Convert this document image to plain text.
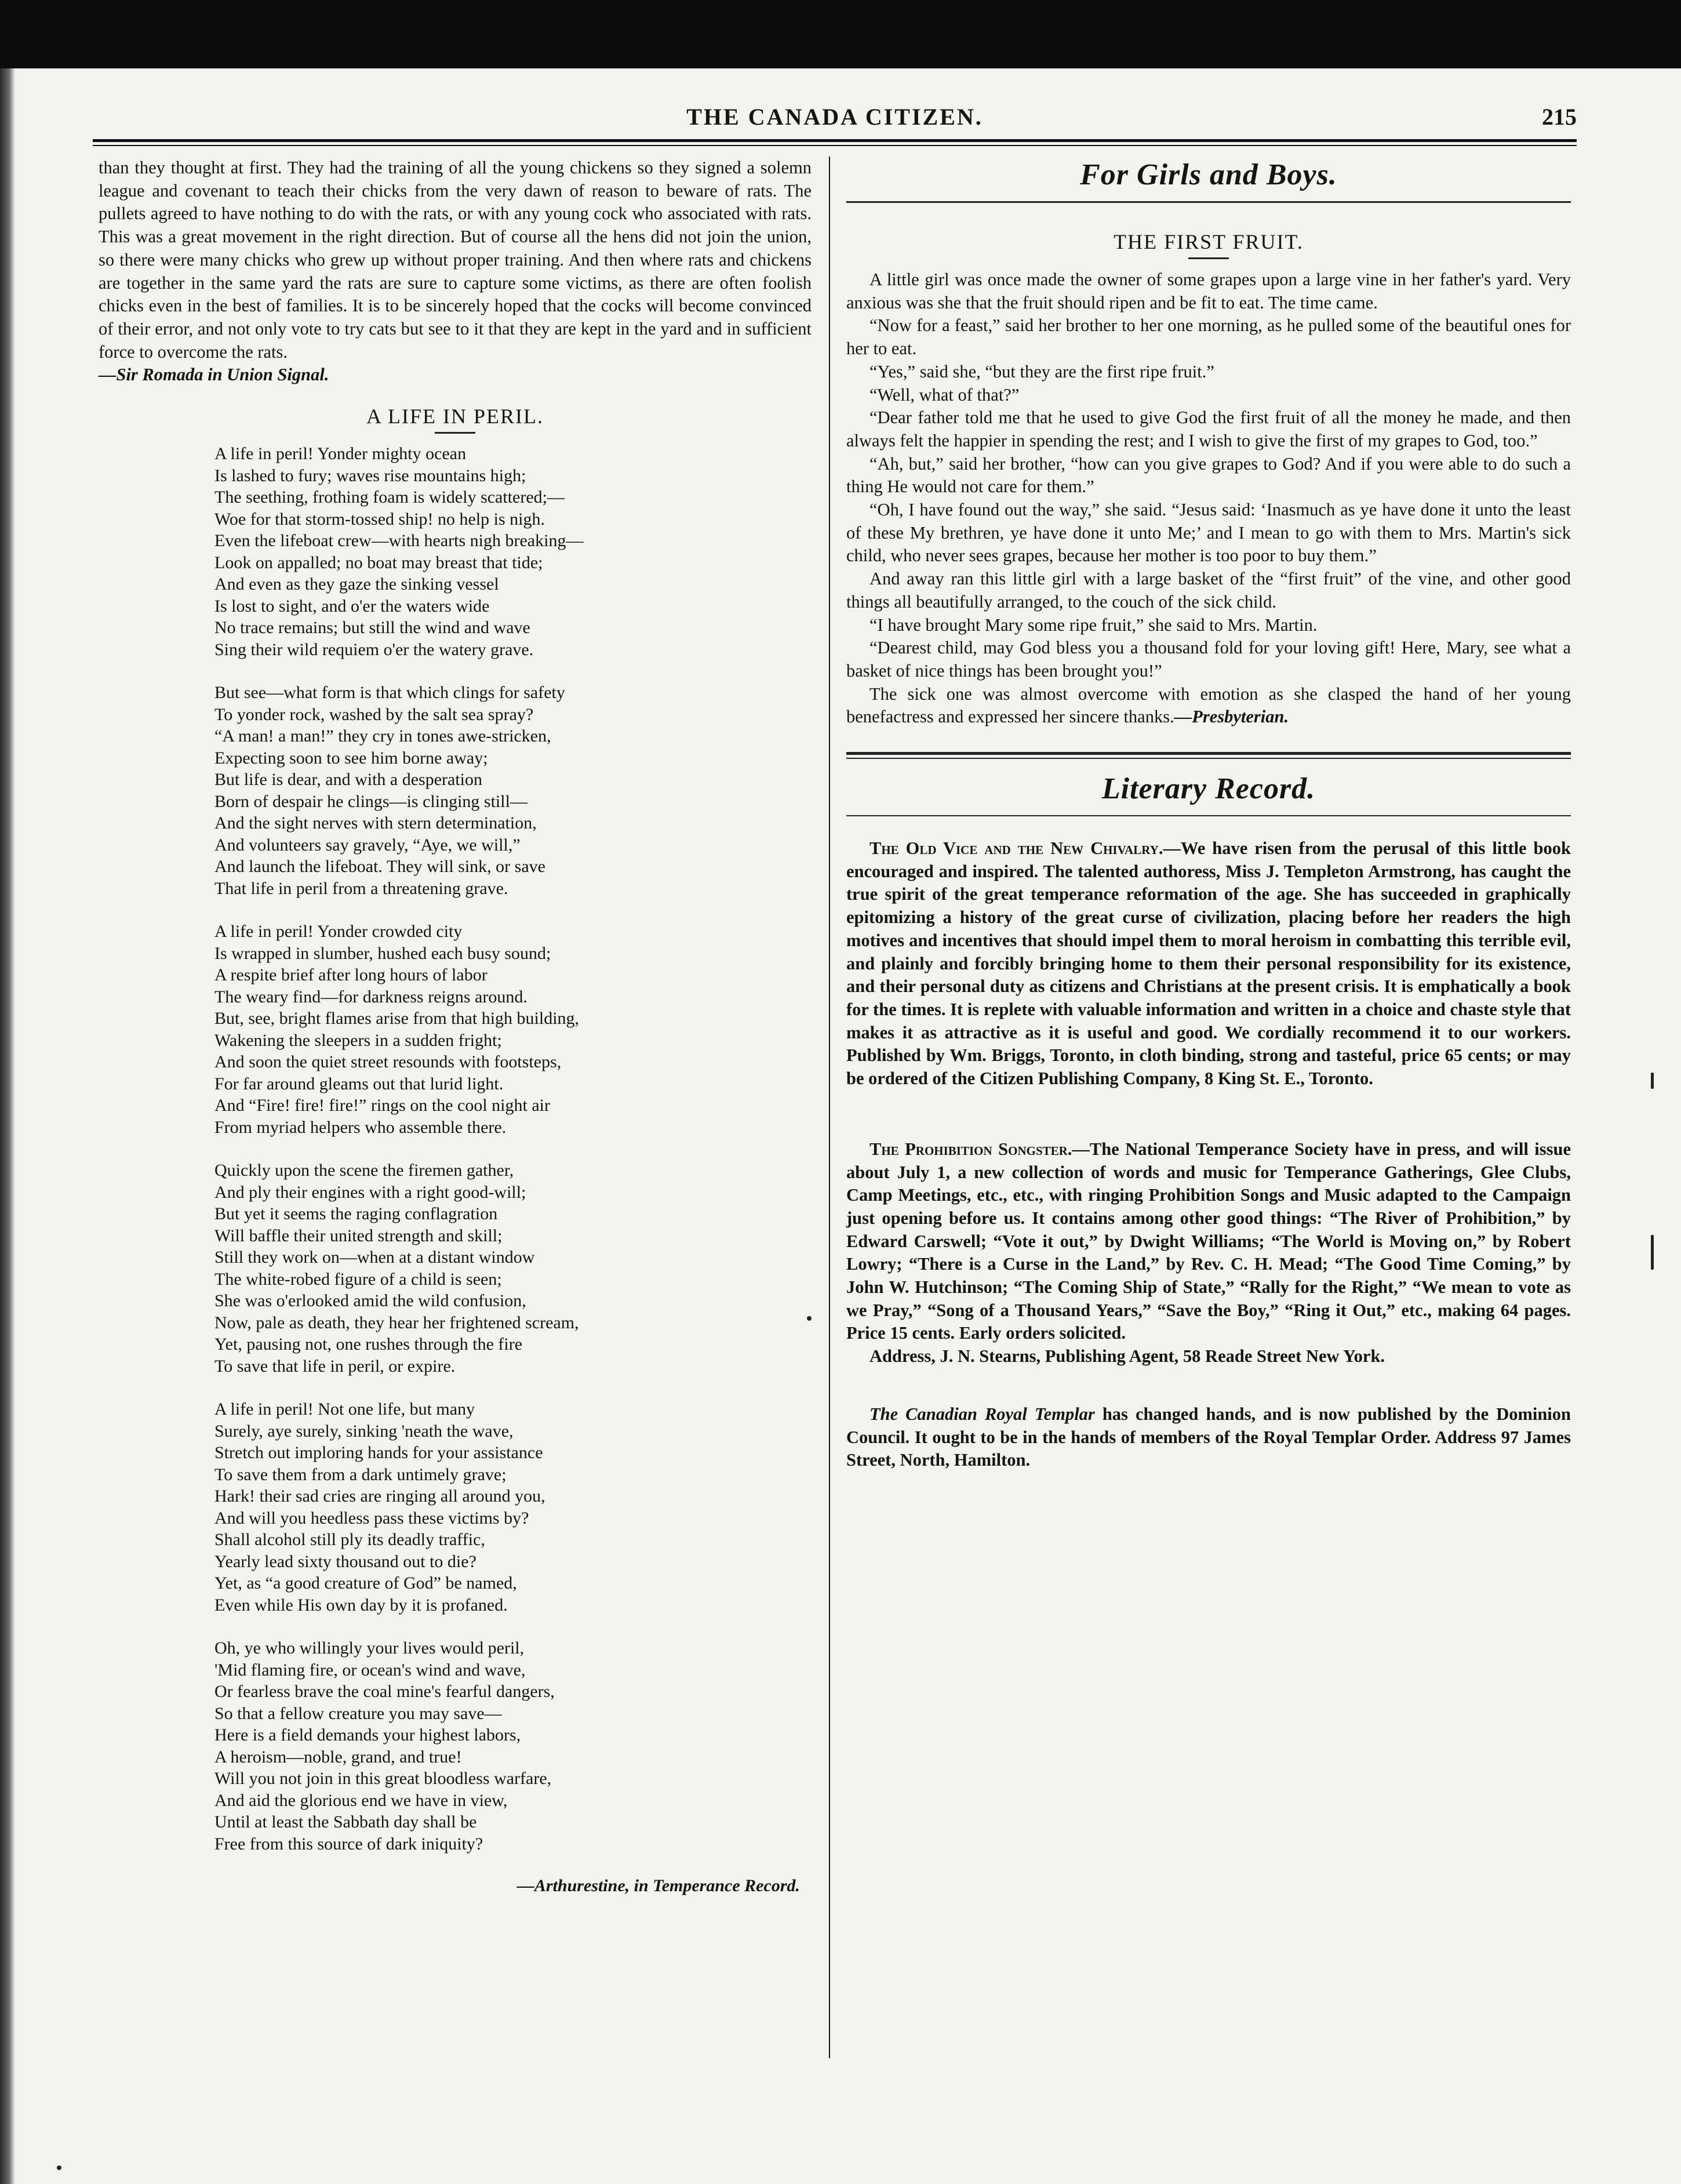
THE CANADA CITIZEN.	215

than they thought at first. They had the training of all the young chickens so they signed a solemn league and covenant to teach their chicks from the very dawn of reason to beware of rats. The pullets agreed to have nothing to do with the rats, or with any young cock who associated with rats. This was a great movement in the right direction. But of course all the hens did not join the union, so there were many chicks who grew up without proper training. And then where rats and chickens are together in the same yard the rats are sure to capture some victims, as there are often foolish chicks even in the best of families. It is to be sincerely hoped that the cocks will become convinced of their error, and not only vote to try cats but see to it that they are kept in the yard and in sufficient force to overcome the rats.

—Sir Romada in Union Signal.

A LIFE IN PERIL.
A life in peril! Yonder mighty ocean
Is lashed to fury; waves rise mountains high;
The seething, frothing foam is widely scattered;—
Woe for that storm-tossed ship! no help is nigh.
Even the lifeboat crew—with hearts nigh breaking—
Look on appalled; no boat may breast that tide;
And even as they gaze the sinking vessel
Is lost to sight, and o'er the waters wide
No trace remains; but still the wind and wave
Sing their wild requiem o'er the watery grave.
But see—what form is that which clings for safety
To yonder rock, washed by the salt sea spray?
“A man! a man!” they cry in tones awe-stricken,
Expecting soon to see him borne away;
But life is dear, and with a desperation
Born of despair he clings—is clinging still—
And the sight nerves with stern determination,
And volunteers say gravely, “Aye, we will,”
And launch the lifeboat. They will sink, or save
That life in peril from a threatening grave.
A life in peril! Yonder crowded city
Is wrapped in slumber, hushed each busy sound;
A respite brief after long hours of labor
The weary find—for darkness reigns around.
But, see, bright flames arise from that high building,
Wakening the sleepers in a sudden fright;
And soon the quiet street resounds with footsteps,
For far around gleams out that lurid light.
And “Fire! fire! fire!” rings on the cool night air
From myriad helpers who assemble there.
Quickly upon the scene the firemen gather,
And ply their engines with a right good-will;
But yet it seems the raging conflagration
Will baffle their united strength and skill;
Still they work on—when at a distant window
The white-robed figure of a child is seen;
She was o'erlooked amid the wild confusion,
Now, pale as death, they hear her frightened scream,
Yet, pausing not, one rushes through the fire
To save that life in peril, or expire.
A life in peril! Not one life, but many
Surely, aye surely, sinking 'neath the wave,
Stretch out imploring hands for your assistance
To save them from a dark untimely grave;
Hark! their sad cries are ringing all around you,
And will you heedless pass these victims by?
Shall alcohol still ply its deadly traffic,
Yearly lead sixty thousand out to die?
Yet, as “a good creature of God” be named,
Even while His own day by it is profaned.
Oh, ye who willingly your lives would peril,
'Mid flaming fire, or ocean's wind and wave,
Or fearless brave the coal mine's fearful dangers,
So that a fellow creature you may save—
Here is a field demands your highest labors,
A heroism—noble, grand, and true!
Will you not join in this great bloodless warfare,
And aid the glorious end we have in view,
Until at least the Sabbath day shall be
Free from this source of dark iniquity?
—Arthurestine, in Temperance Record.
For Girls and Boys.
THE FIRST FRUIT.

A little girl was once made the owner of some grapes upon a large vine in her father's yard. Very anxious was she that the fruit should ripen and be fit to eat. The time came.

“Now for a feast,” said her brother to her one morning, as he pulled some of the beautiful ones for her to eat.

“Yes,” said she, “but they are the first ripe fruit.”

“Well, what of that?”

“Dear father told me that he used to give God the first fruit of all the money he made, and then always felt the happier in spending the rest; and I wish to give the first of my grapes to God, too.”

“Ah, but,” said her brother, “how can you give grapes to God? And if you were able to do such a thing He would not care for them.”

“Oh, I have found out the way,” she said. “Jesus said: ‘Inasmuch as ye have done it unto the least of these My brethren, ye have done it unto Me;’ and I mean to go with them to Mrs. Martin's sick child, who never sees grapes, because her mother is too poor to buy them.”

And away ran this little girl with a large basket of the “first fruit” of the vine, and other good things all beautifully arranged, to the couch of the sick child.

“I have brought Mary some ripe fruit,” she said to Mrs. Martin.

“Dearest child, may God bless you a thousand fold for your loving gift! Here, Mary, see what a basket of nice things has been brought you!”

The sick one was almost overcome with emotion as she clasped the hand of her young benefactress and expressed her sincere thanks.—Presbyterian.

Literary Record.

The Old Vice and the New Chivalry.—We have risen from the perusal of this little book encouraged and inspired. The talented authoress, Miss J. Templeton Armstrong, has caught the true spirit of the great temperance reformation of the age. She has succeeded in graphically epitomizing a history of the great curse of civilization, placing before her readers the high motives and incentives that should impel them to moral heroism in combatting this terrible evil, and plainly and forcibly bringing home to them their personal responsibility for its existence, and their personal duty as citizens and Christians at the present crisis. It is emphatically a book for the times. It is replete with valuable information and written in a choice and chaste style that makes it as attractive as it is useful and good. We cordially recommend it to our workers. Published by Wm. Briggs, Toronto, in cloth binding, strong and tasteful, price 65 cents; or may be ordered of the Citizen Publishing Company, 8 King St. E., Toronto.

The Prohibition Songster.—The National Temperance Society have in press, and will issue about July 1, a new collection of words and music for Temperance Gatherings, Glee Clubs, Camp Meetings, etc., etc., with ringing Prohibition Songs and Music adapted to the Campaign just opening before us. It contains among other good things: “The River of Prohibition,” by Edward Carswell; “Vote it out,” by Dwight Williams; “The World is Moving on,” by Robert Lowry; “There is a Curse in the Land,” by Rev. C. H. Mead; “The Good Time Coming,” by John W. Hutchinson; “The Coming Ship of State,” “Rally for the Right,” “We mean to vote as we Pray,” “Song of a Thousand Years,” “Save the Boy,” “Ring it Out,” etc., making 64 pages. Price 15 cents. Early orders solicited.

Address, J. N. Stearns, Publishing Agent, 58 Reade Street New York.

The Canadian Royal Templar has changed hands, and is now published by the Dominion Council. It ought to be in the hands of members of the Royal Templar Order. Address 97 James Street, North, Hamilton.
